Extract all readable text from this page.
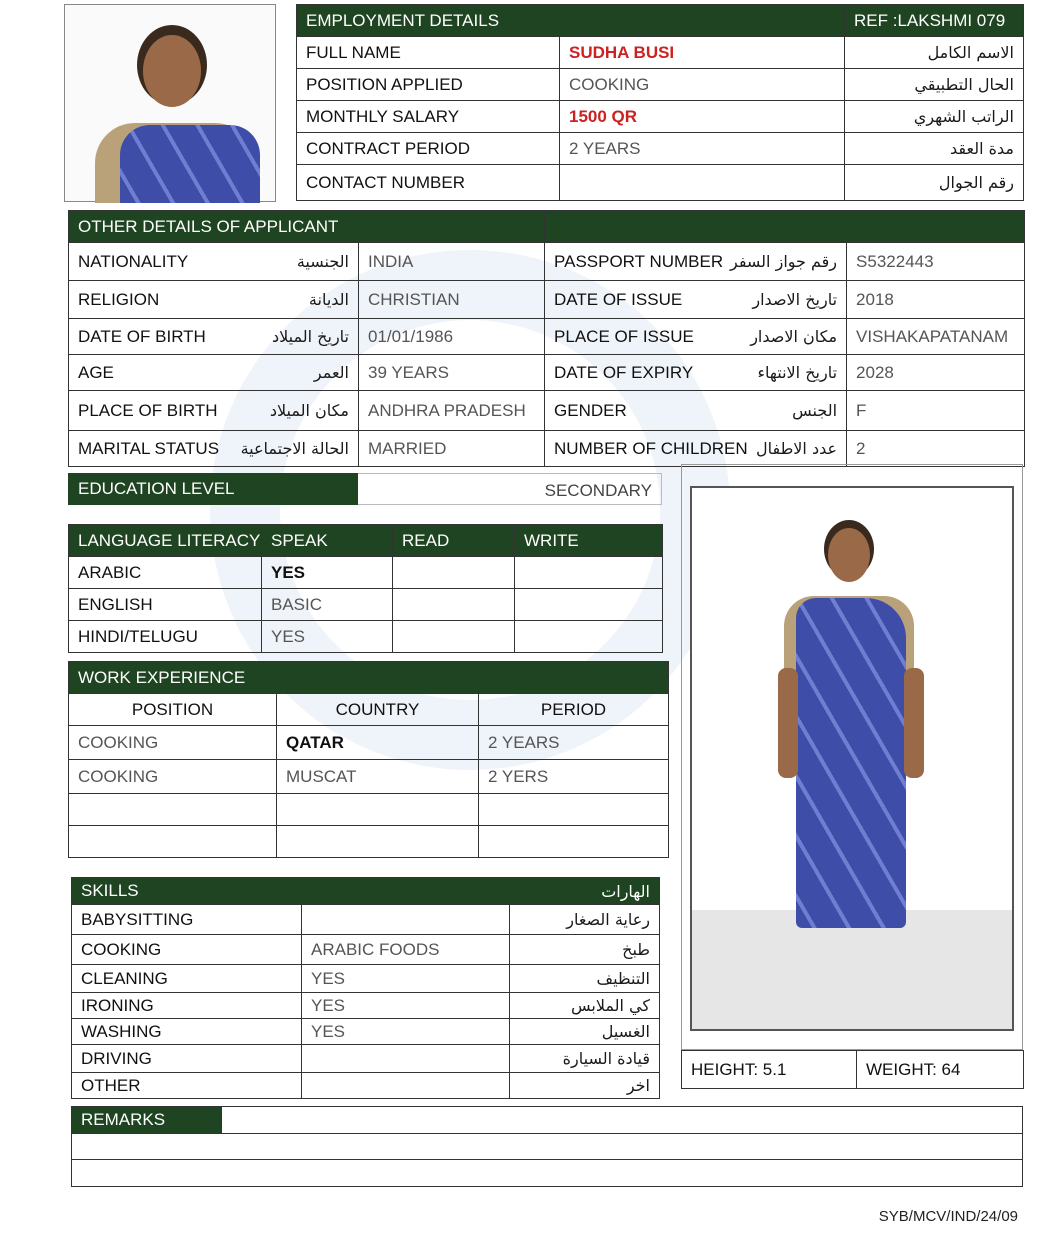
EMPLOYMENT DETAILS		REF :LAKSHMI 079
FULL NAME	SUDHA BUSI	الاسم الكامل
POSITION APPLIED	COOKING	الحال التطبيقي
MONTHLY SALARY	1500 QR	الراتب الشهري
CONTRACT PERIOD	2 YEARS	مدة العقد
CONTACT NUMBER		رقم الجوال
OTHER DETAILS OF APPLICANT					
NATIONALITY	الجنسية	INDIA	PASSPORT NUMBER	رقم جواز السفر	S5322443
RELIGION	الديانة	CHRISTIAN	DATE OF ISSUE	تاريخ الاصدار	2018
DATE OF BIRTH	تاريخ الميلاد	01/01/1986	PLACE OF ISSUE	مكان الاصدار	VISHAKAPATANAM
AGE	العمر	39 YEARS	DATE OF EXPIRY	تاريخ الانتهاء	2028
PLACE OF BIRTH	مكان الميلاد	ANDHRA PRADESH	GENDER	الجنس	F
MARITAL STATUS	الحالة الاجتماعية	MARRIED	NUMBER OF CHILDREN	عدد الاطفال	2
EDUCATION LEVEL	SECONDARY
LANGUAGE LITERACY	SPEAK	READ	WRITE
ARABIC	YES		
ENGLISH	BASIC		
HINDI/TELUGU	YES		
WORK EXPERIENCE		
POSITION	COUNTRY	PERIOD
COOKING	QATAR	2 YEARS
COOKING	MUSCAT	2 YERS

SKILLS		الهارات
BABYSITTING		رعاية الصغار
COOKING	ARABIC FOODS	طبخ
CLEANING	YES	التنظيف
IRONING	YES	كي الملابس
WASHING	YES	الغسيل
DRIVING		قيادة السيارة
OTHER		اخر
HEIGHT: 5.1	WEIGHT: 64
REMARKS	

SYB/MCV/IND/24/09
